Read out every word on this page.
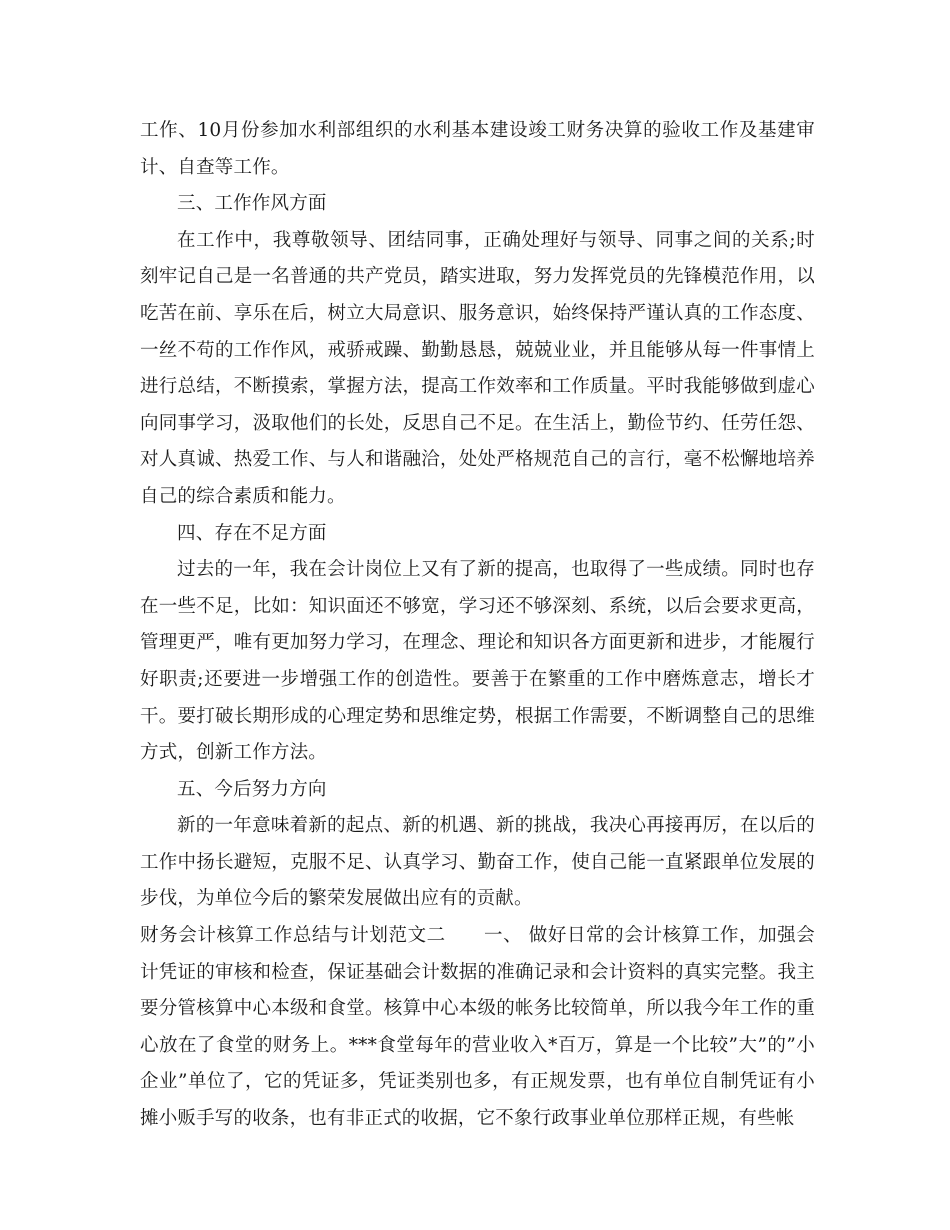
工作、10月份参加水利部组织的水利基本建设竣工财务决算的验收工作及基建审计、自查等工作。

三、工作作风方面

在工作中，我尊敬领导、团结同事，正确处理好与领导、同事之间的关系;时刻牢记自己是一名普通的共产党员，踏实进取，努力发挥党员的先锋模范作用，以吃苦在前、享乐在后，树立大局意识、服务意识，始终保持严谨认真的工作态度、一丝不苟的工作作风，戒骄戒躁、勤勤恳恳，兢兢业业，并且能够从每一件事情上进行总结，不断摸索，掌握方法，提高工作效率和工作质量。平时我能够做到虚心向同事学习，汲取他们的长处，反思自己不足。在生活上，勤俭节约、任劳任怨、对人真诚、热爱工作、与人和谐融洽，处处严格规范自己的言行，毫不松懈地培养自己的综合素质和能力。

四、存在不足方面

过去的一年，我在会计岗位上又有了新的提高，也取得了一些成绩。同时也存在一些不足，比如：知识面还不够宽，学习还不够深刻、系统，以后会要求更高，管理更严，唯有更加努力学习，在理念、理论和知识各方面更新和进步，才能履行好职责;还要进一步增强工作的创造性。要善于在繁重的工作中磨炼意志，增长才干。要打破长期形成的心理定势和思维定势，根据工作需要，不断调整自己的思维方式，创新工作方法。

五、今后努力方向

新的一年意味着新的起点、新的机遇、新的挑战，我决心再接再厉，在以后的工作中扬长避短，克服不足、认真学习、勤奋工作，使自己能一直紧跟单位发展的步伐，为单位今后的繁荣发展做出应有的贡献。

财务会计核算工作总结与计划范文二　　一、 做好日常的会计核算工作，加强会计凭证的审核和检查，保证基础会计数据的准确记录和会计资料的真实完整。我主要分管核算中心本级和食堂。核算中心本级的帐务比较简单，所以我今年工作的重心放在了食堂的财务上。***食堂每年的营业收入*百万，算是一个比较”大”的”小企业”单位了，它的凭证多，凭证类别也多，有正规发票，也有单位自制凭证有小摊小贩手写的收条，也有非正式的收据，它不象行政事业单位那样正规，有些帐
